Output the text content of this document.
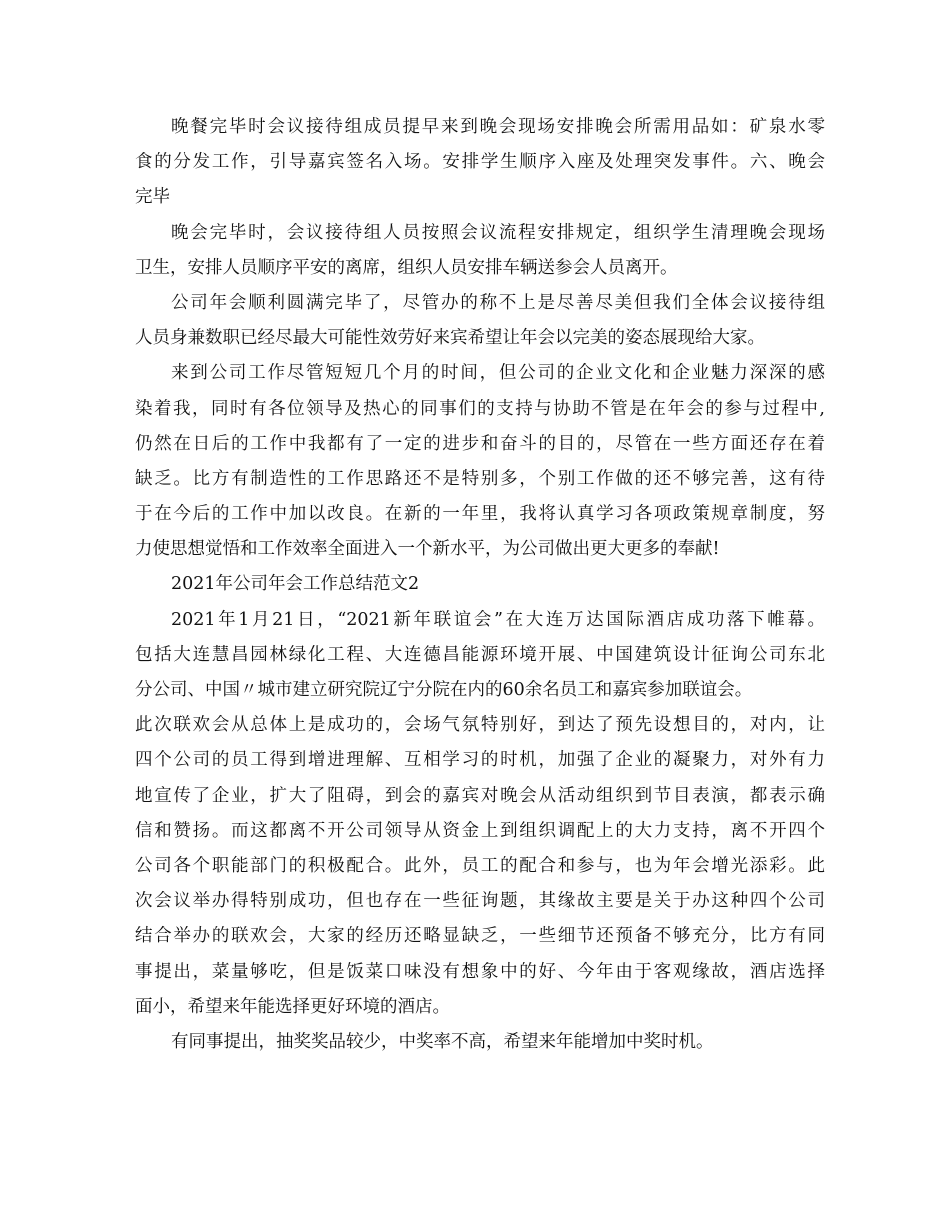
晚餐完毕时会议接待组成员提早来到晚会现场安排晚会所需用品如：矿泉水零
食的分发工作，引导嘉宾签名入场。安排学生顺序入座及处理突发事件。六、晚会
完毕
晚会完毕时，会议接待组人员按照会议流程安排规定，组织学生清理晚会现场
卫生，安排人员顺序平安的离席，组织人员安排车辆送参会人员离开。
公司年会顺利圆满完毕了，尽管办的称不上是尽善尽美但我们全体会议接待组
人员身兼数职已经尽最大可能性效劳好来宾希望让年会以完美的姿态展现给大家。
来到公司工作尽管短短几个月的时间，但公司的企业文化和企业魅力深深的感
染着我，同时有各位领导及热心的同事们的支持与协助不管是在年会的参与过程中,
仍然在日后的工作中我都有了一定的进步和奋斗的目的，尽管在一些方面还存在着
缺乏。比方有制造性的工作思路还不是特别多，个别工作做的还不够完善，这有待
于在今后的工作中加以改良。在新的一年里，我将认真学习各项政策规章制度，努
力使思想觉悟和工作效率全面进入一个新水平，为公司做出更大更多的奉献!
2021年公司年会工作总结范文2
2021年1月21日，“2021新年联谊会”在大连万达国际酒店成功落下帷幕。
包括大连慧昌园林绿化工程、大连德昌能源环境开展、中国建筑设计征询公司东北
分公司、中国〃城市建立研究院辽宁分院在内的60余名员工和嘉宾参加联谊会。
此次联欢会从总体上是成功的，会场气氛特别好，到达了预先设想目的，对内，让
四个公司的员工得到增进理解、互相学习的时机，加强了企业的凝聚力，对外有力
地宣传了企业，扩大了阻碍，到会的嘉宾对晚会从活动组织到节目表演，都表示确
信和赞扬。而这都离不开公司领导从资金上到组织调配上的大力支持，离不开四个
公司各个职能部门的积极配合。此外，员工的配合和参与，也为年会增光添彩。此
次会议举办得特别成功，但也存在一些征询题，其缘故主要是关于办这种四个公司
结合举办的联欢会，大家的经历还略显缺乏，一些细节还预备不够充分，比方有同
事提出，菜量够吃，但是饭菜口味没有想象中的好、今年由于客观缘故，酒店选择
面小，希望来年能选择更好环境的酒店。
有同事提出，抽奖奖品较少，中奖率不高，希望来年能增加中奖时机。
